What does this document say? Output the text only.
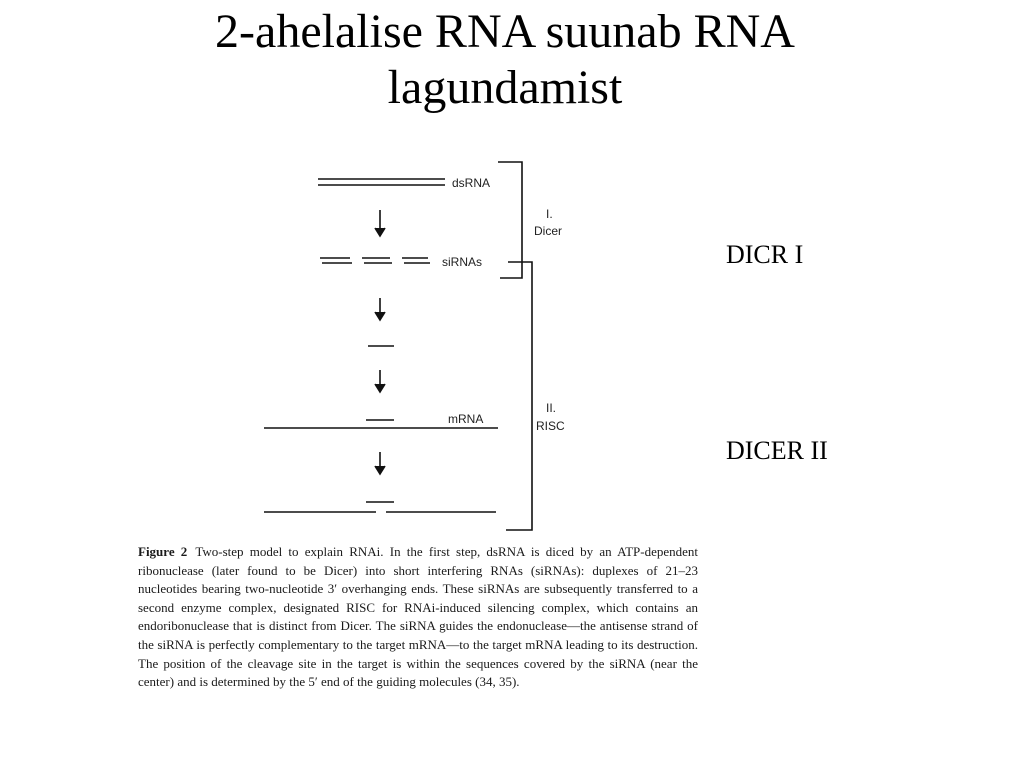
2-ahelalise RNA suunab RNA
lagundamist
DICR I
DICER II
dsRNA
siRNAs
mRNA
I.
Dicer
II.
RISC
Figure 2 Two-step model to explain RNAi. In the first step, dsRNA is diced by an ATP-dependent ribonuclease (later found to be Dicer) into short interfering RNAs (siRNAs): duplexes of 21–23 nucleotides bearing two-nucleotide 3′ overhanging ends. These siRNAs are subsequently transferred to a second enzyme complex, designated RISC for RNAi-induced silencing complex, which contains an endoribonuclease that is distinct from Dicer. The siRNA guides the endonuclease—the antisense strand of the siRNA is perfectly complementary to the target mRNA—to the target mRNA leading to its destruction. The position of the cleavage site in the target is within the sequences covered by the siRNA (near the center) and is determined by the 5′ end of the guiding molecules (34, 35).
